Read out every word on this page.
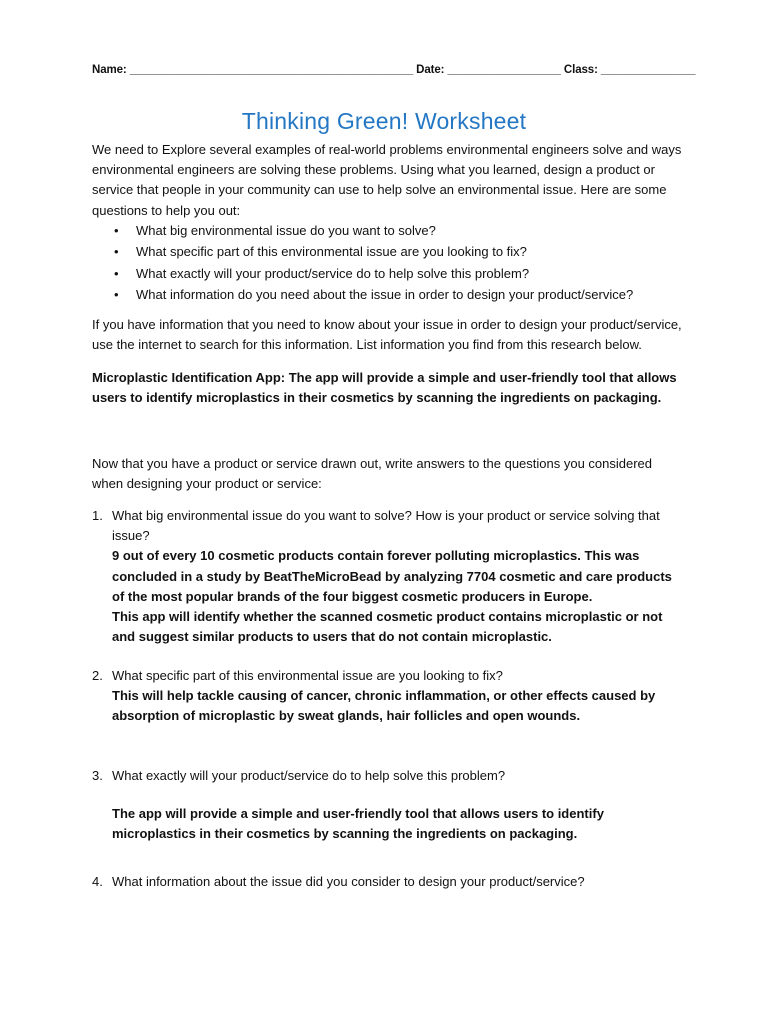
Name: _____________________________________________ Date: __________________ Class: _______________
Thinking Green! Worksheet

We need to Explore several examples of real-world problems environmental engineers solve and ways environmental engineers are solving these problems. Using what you learned, design a product or service that people in your community can use to help solve an environmental issue. Here are some questions to help you out:

• What big environmental issue do you want to solve?
• What specific part of this environmental issue are you looking to fix?
• What exactly will your product/service do to help solve this problem?
• What information do you need about the issue in order to design your product/service?

If you have information that you need to know about your issue in order to design your product/service, use the internet to search for this information. List information you find from this research below.

Microplastic Identification App: The app will provide a simple and user-friendly tool that allows users to identify microplastics in their cosmetics by scanning the ingredients on packaging.

Now that you have a product or service drawn out, write answers to the questions you considered when designing your product or service:

1. What big environmental issue do you want to solve? How is your product or service solving that issue?

9 out of every 10 cosmetic products contain forever polluting microplastics. This was concluded in a study by BeatTheMicroBead by analyzing 7704 cosmetic and care products of the most popular brands of the four biggest cosmetic producers in Europe.

This app will identify whether the scanned cosmetic product contains microplastic or not and suggest similar products to users that do not contain microplastic.

2. What specific part of this environmental issue are you looking to fix?

This will help tackle causing of cancer, chronic inflammation, or other effects caused by absorption of microplastic by sweat glands, hair follicles and open wounds.

3. What exactly will your product/service do to help solve this problem?

The app will provide a simple and user-friendly tool that allows users to identify microplastics in their cosmetics by scanning the ingredients on packaging.

4. What information about the issue did you consider to design your product/service?
